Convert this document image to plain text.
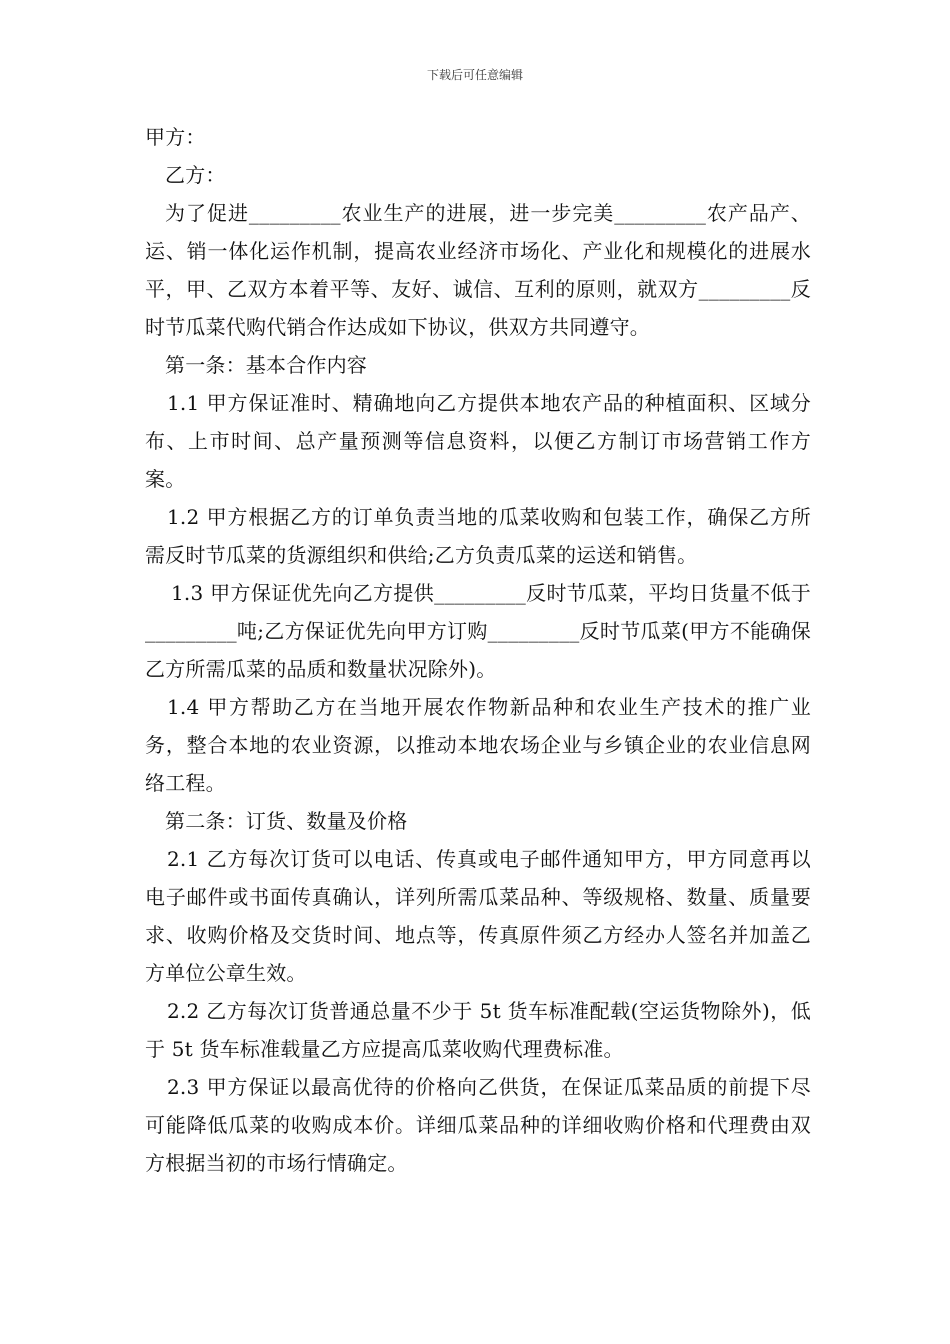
下载后可任意编辑

甲方：

乙方：

为了促进_________农业生产的进展，进一步完美_________农产品产、运、销一体化运作机制，提高农业经济市场化、产业化和规模化的进展水平，甲、乙双方本着平等、友好、诚信、互利的原则，就双方_________反时节瓜菜代购代销合作达成如下协议，供双方共同遵守。

第一条：基本合作内容

1.1 甲方保证准时、精确地向乙方提供本地农产品的种植面积、区域分布、上市时间、总产量预测等信息资料，以便乙方制订市场营销工作方案。

1.2 甲方根据乙方的订单负责当地的瓜菜收购和包装工作，确保乙方所需反时节瓜菜的货源组织和供给;乙方负责瓜菜的运送和销售。

1.3 甲方保证优先向乙方提供_________反时节瓜菜，平均日货量不低于_________吨;乙方保证优先向甲方订购_________反时节瓜菜(甲方不能确保乙方所需瓜菜的品质和数量状况除外)。

1.4 甲方帮助乙方在当地开展农作物新品种和农业生产技术的推广业务，整合本地的农业资源，以推动本地农场企业与乡镇企业的农业信息网络工程。

第二条：订货、数量及价格

2.1 乙方每次订货可以电话、传真或电子邮件通知甲方，甲方同意再以电子邮件或书面传真确认，详列所需瓜菜品种、等级规格、数量、质量要求、收购价格及交货时间、地点等，传真原件须乙方经办人签名并加盖乙方单位公章生效。

2.2 乙方每次订货普通总量不少于 5t 货车标准配载(空运货物除外)，低于 5t 货车标准载量乙方应提高瓜菜收购代理费标准。

2.3 甲方保证以最高优待的价格向乙供货，在保证瓜菜品质的前提下尽可能降低瓜菜的收购成本价。详细瓜菜品种的详细收购价格和代理费由双方根据当初的市场行情确定。
